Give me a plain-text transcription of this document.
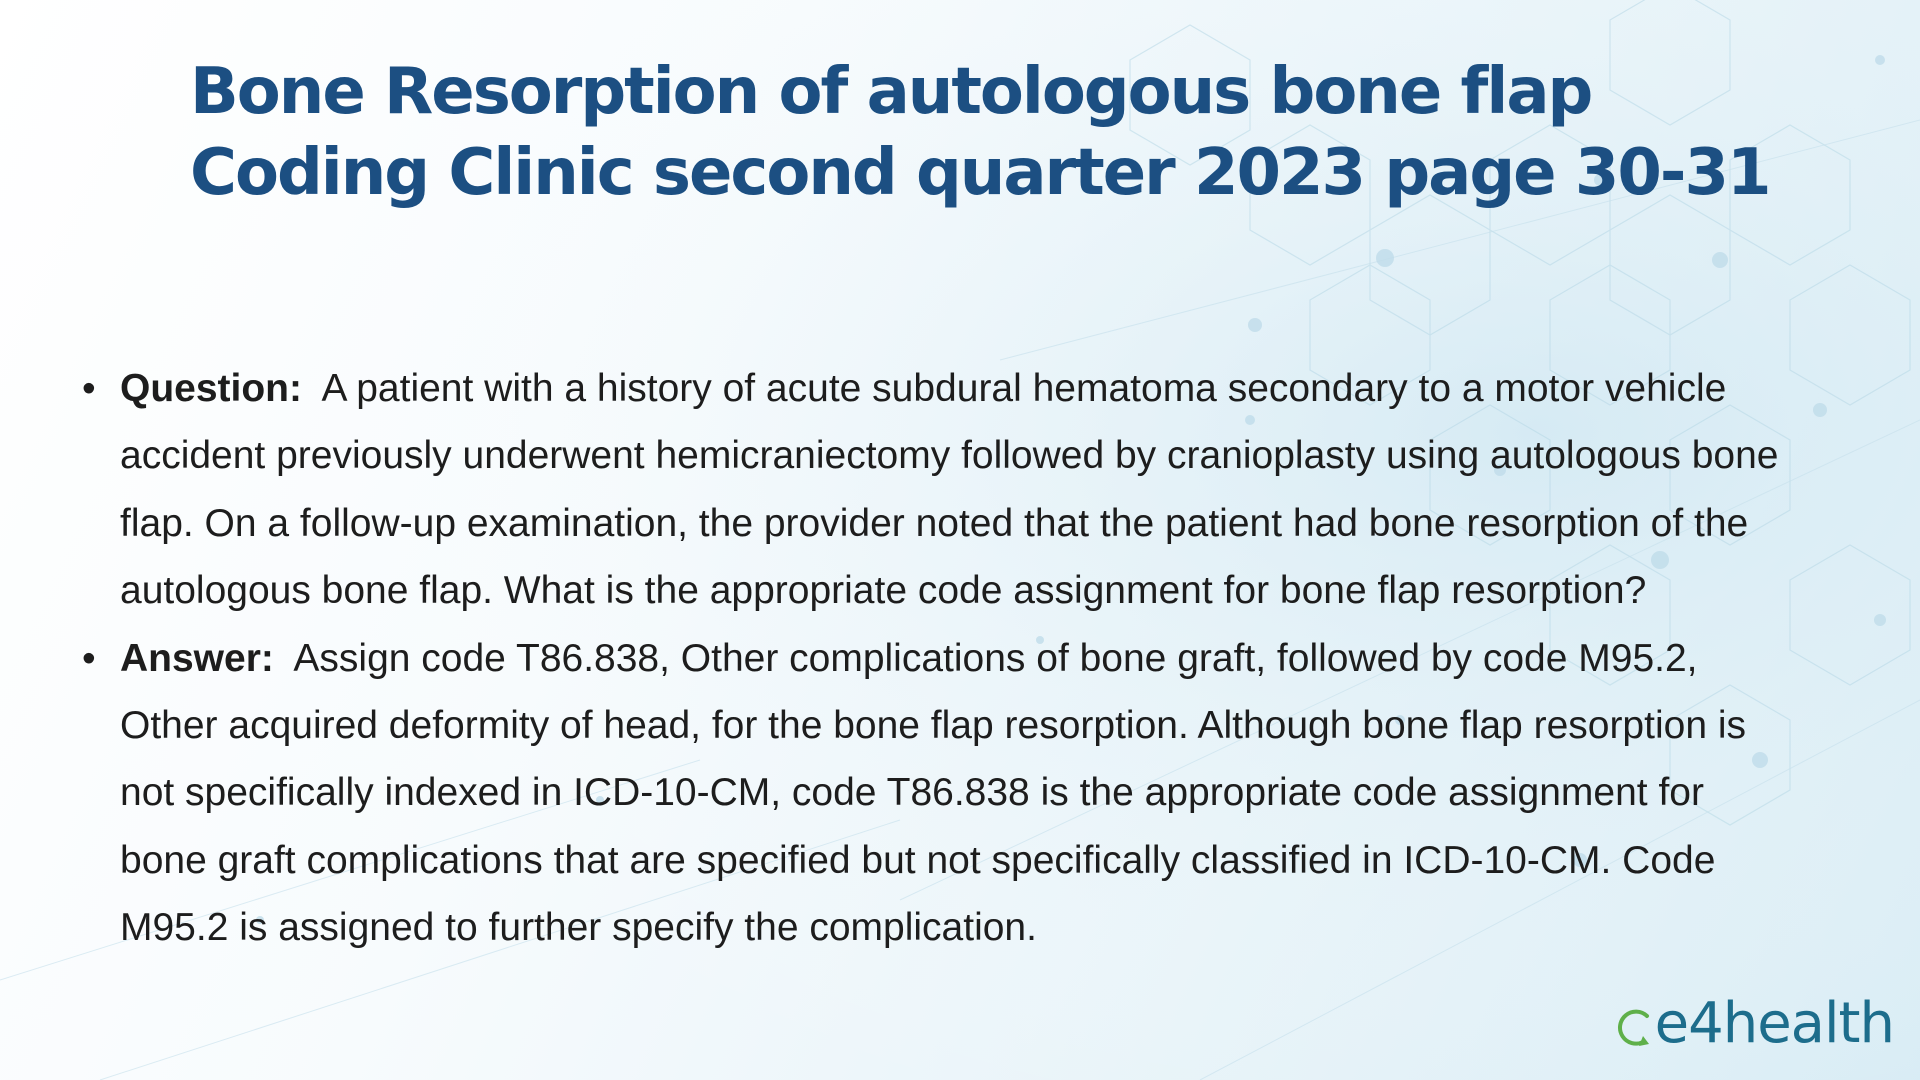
Bone Resorption of autologous bone flap
Coding Clinic second quarter 2023 page 30-31
• Question: A patient with a history of acute subdural hematoma secondary to a motor vehicle accident previously underwent hemicraniectomy followed by cranioplasty using autologous bone flap. On a follow-up examination, the provider noted that the patient had bone resorption of the autologous bone flap. What is the appropriate code assignment for bone flap resorption?
• Answer: Assign code T86.838, Other complications of bone graft, followed by code M95.2, Other acquired deformity of head, for the bone flap resorption. Although bone flap resorption is not specifically indexed in ICD-10-CM, code T86.838 is the appropriate code assignment for bone graft complications that are specified but not specifically classified in ICD-10-CM. Code M95.2 is assigned to further specify the complication.
e 4health
